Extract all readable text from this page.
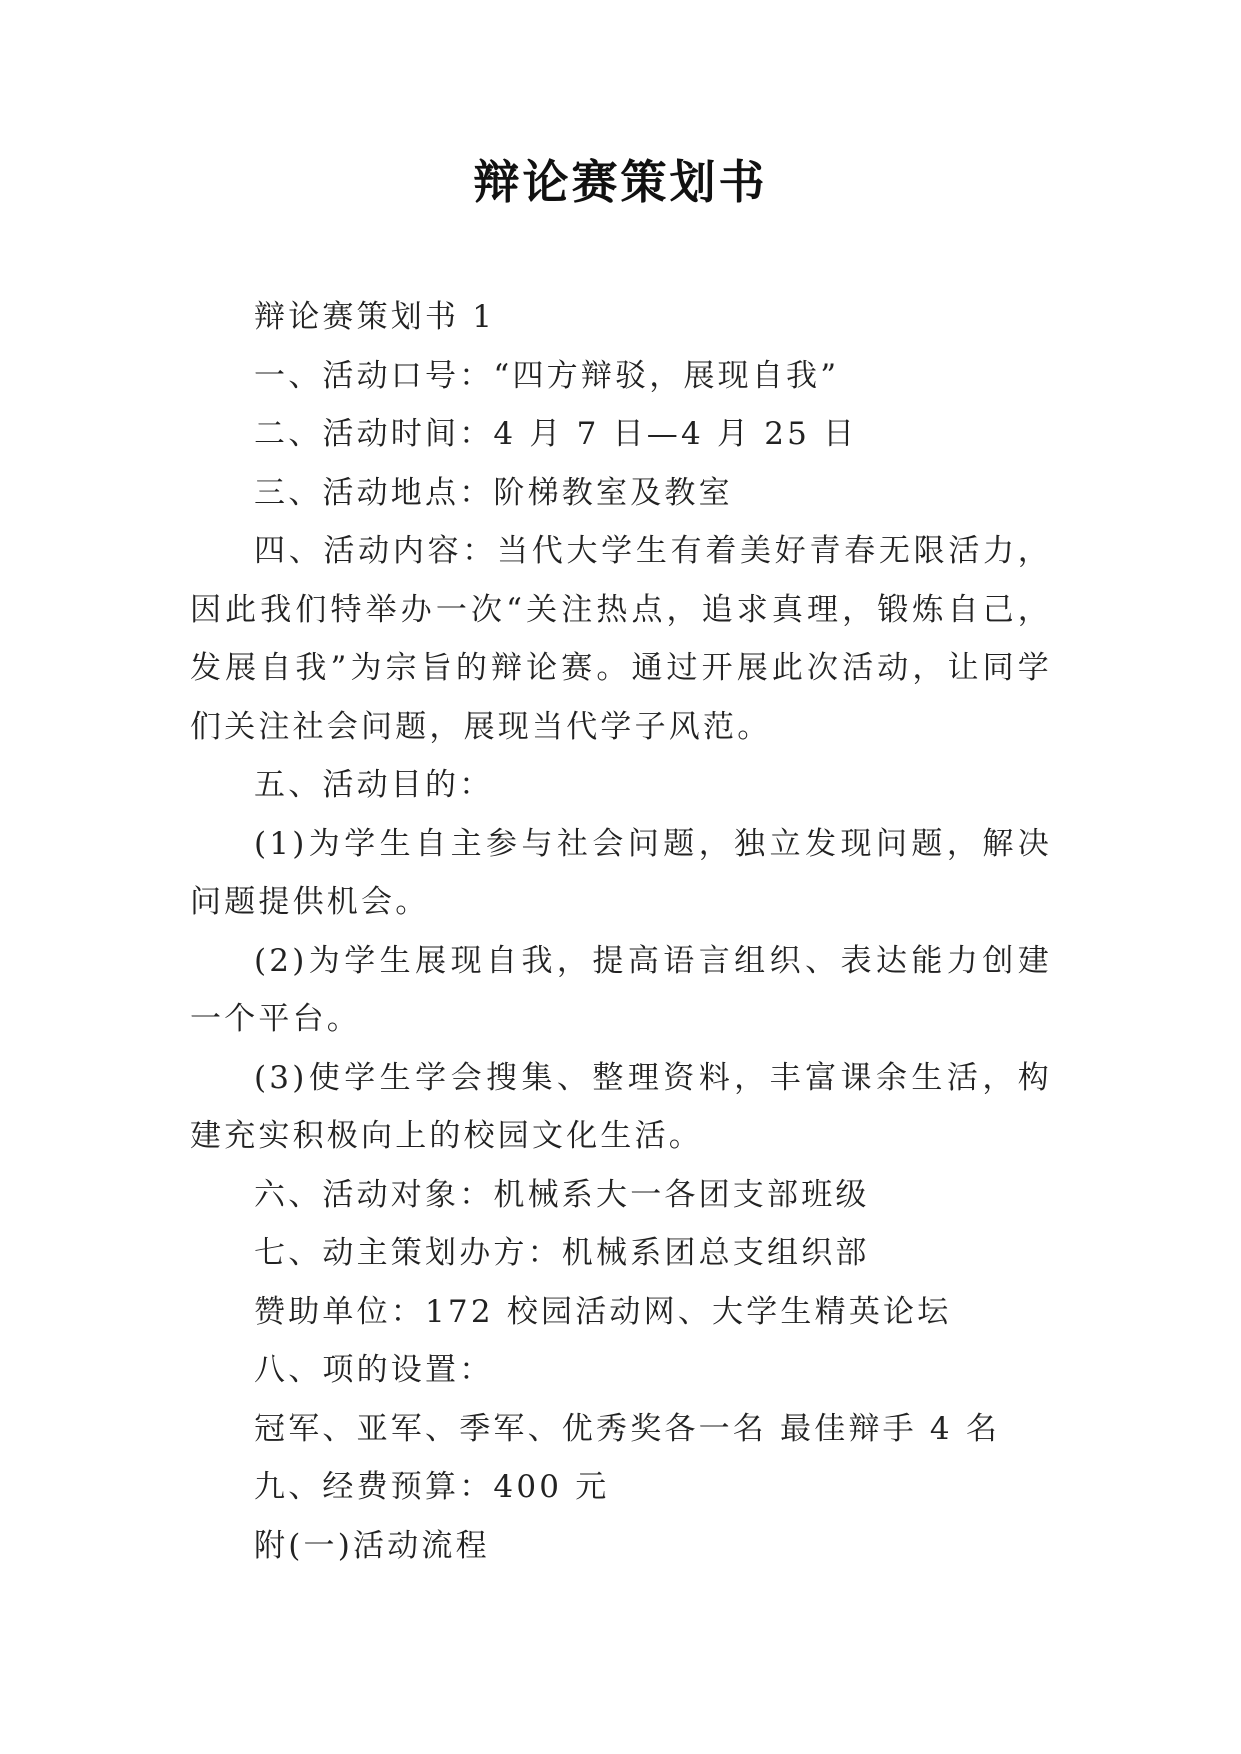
辩论赛策划书

辩论赛策划书 1

一、活动口号：“四方辩驳，展现自我”

二、活动时间：4 月 7 日—4 月 25 日

三、活动地点：阶梯教室及教室

四、活动内容：当代大学生有着美好青春无限活力，因此我们特举办一次“关注热点，追求真理，锻炼自己，发展自我”为宗旨的辩论赛。通过开展此次活动，让同学们关注社会问题，展现当代学子风范。

五、活动目的：

(1)为学生自主参与社会问题，独立发现问题，解决问题提供机会。

(2)为学生展现自我，提高语言组织、表达能力创建一个平台。

(3)使学生学会搜集、整理资料，丰富课余生活，构建充实积极向上的校园文化生活。

六、活动对象：机械系大一各团支部班级

七、动主策划办方：机械系团总支组织部

赞助单位：172 校园活动网、大学生精英论坛

八、项的设置：

冠军、亚军、季军、优秀奖各一名 最佳辩手 4 名

九、经费预算：400 元

附(一)活动流程
